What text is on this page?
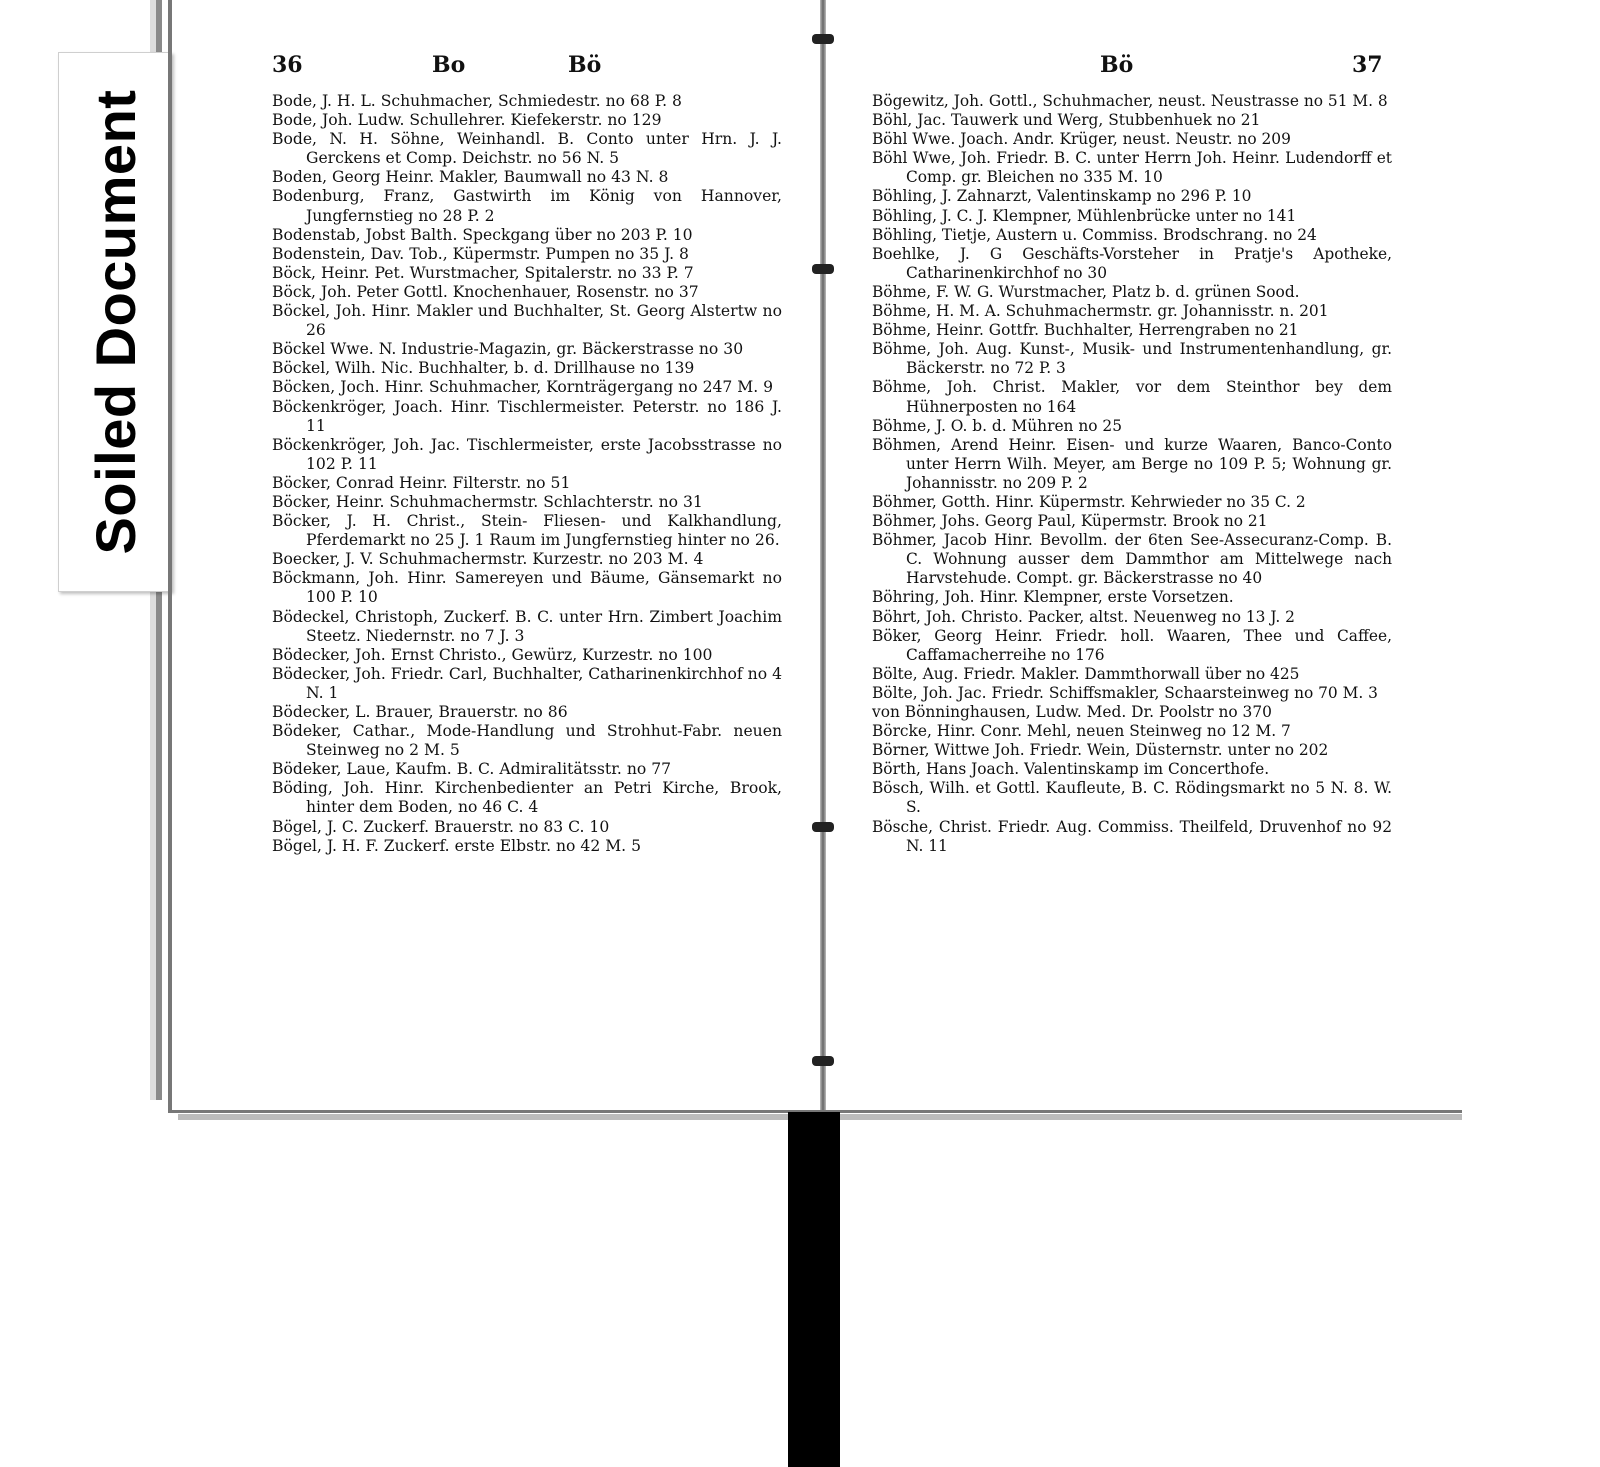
Soiled Document
36	Bo	Bö
Bode, J. H. L. Schuhmacher, Schmiedestr. no 68 P. 8
Bode, Joh. Ludw. Schullehrer. Kiefekerstr. no 129
Bode, N. H. Söhne, Weinhandl. B. Conto unter Hrn. J. J. Gerckens et Comp. Deichstr. no 56 N. 5
Boden, Georg Heinr. Makler, Baumwall no 43 N. 8
Bodenburg, Franz, Gastwirth im König von Hannover, Jungfernstieg no 28 P. 2
Bodenstab, Jobst Balth. Speckgang über no 203 P. 10
Bodenstein, Dav. Tob., Küpermstr. Pumpen no 35 J. 8
Böck, Heinr. Pet. Wurstmacher, Spitalerstr. no 33 P. 7
Böck, Joh. Peter Gottl. Knochenhauer, Rosenstr. no 37
Böckel, Joh. Hinr. Makler und Buchhalter, St. Georg Alstertw no 26
Böckel Wwe. N. Industrie-Magazin, gr. Bäckerstrasse no 30
Böckel, Wilh. Nic. Buchhalter, b. d. Drillhause no 139
Böcken, Joch. Hinr. Schuhmacher, Kornträgergang no 247 M. 9
Böckenkröger, Joach. Hinr. Tischlermeister. Peterstr. no 186 J. 11
Böckenkröger, Joh. Jac. Tischlermeister, erste Jacobsstrasse no 102 P. 11
Böcker, Conrad Heinr. Filterstr. no 51
Böcker, Heinr. Schuhmachermstr. Schlachterstr. no 31
Böcker, J. H. Christ., Stein- Fliesen- und Kalkhandlung, Pferdemarkt no 25 J. 1 Raum im Jungfernstieg hinter no 26.
Boecker, J. V. Schuhmachermstr. Kurzestr. no 203 M. 4
Böckmann, Joh. Hinr. Samereyen und Bäume, Gänsemarkt no 100 P. 10
Bödeckel, Christoph, Zuckerf. B. C. unter Hrn. Zimbert Joachim Steetz. Niedernstr. no 7 J. 3
Bödecker, Joh. Ernst Christo., Gewürz, Kurzestr. no 100
Bödecker, Joh. Friedr. Carl, Buchhalter, Catharinenkirchhof no 4 N. 1
Bödecker, L. Brauer, Brauerstr. no 86
Bödeker, Cathar., Mode-Handlung und Strohhut-Fabr. neuen Steinweg no 2 M. 5
Bödeker, Laue, Kaufm. B. C. Admiralitätsstr. no 77
Böding, Joh. Hinr. Kirchenbedienter an Petri Kirche, Brook, hinter dem Boden, no 46 C. 4
Bögel, J. C. Zuckerf. Brauerstr. no 83 C. 10
Bögel, J. H. F. Zuckerf. erste Elbstr. no 42 M. 5
Bö	37
Bögewitz, Joh. Gottl., Schuhmacher, neust. Neustrasse no 51 M. 8
Böhl, Jac. Tauwerk und Werg, Stubbenhuek no 21
Böhl Wwe. Joach. Andr. Krüger, neust. Neustr. no 209
Böhl Wwe, Joh. Friedr. B. C. unter Herrn Joh. Heinr. Ludendorff et Comp. gr. Bleichen no 335 M. 10
Böhling, J. Zahnarzt, Valentinskamp no 296 P. 10
Böhling, J. C. J. Klempner, Mühlenbrücke unter no 141
Böhling, Tietje, Austern u. Commiss. Brodschrang. no 24
Boehlke, J. G Geschäfts-Vorsteher in Pratje's Apotheke, Catharinenkirchhof no 30
Böhme, F. W. G. Wurstmacher, Platz b. d. grünen Sood.
Böhme, H. M. A. Schuhmachermstr. gr. Johannisstr. n. 201
Böhme, Heinr. Gottfr. Buchhalter, Herrengraben no 21
Böhme, Joh. Aug. Kunst-, Musik- und Instrumentenhandlung, gr. Bäckerstr. no 72 P. 3
Böhme, Joh. Christ. Makler, vor dem Steinthor bey dem Hühnerposten no 164
Böhme, J. O. b. d. Mühren no 25
Böhmen, Arend Heinr. Eisen- und kurze Waaren, Banco-Conto unter Herrn Wilh. Meyer, am Berge no 109 P. 5; Wohnung gr. Johannisstr. no 209 P. 2
Böhmer, Gotth. Hinr. Küpermstr. Kehrwieder no 35 C. 2
Böhmer, Johs. Georg Paul, Küpermstr. Brook no 21
Böhmer, Jacob Hinr. Bevollm. der 6ten See-Assecuranz-Comp. B. C. Wohnung ausser dem Dammthor am Mittelwege nach Harvstehude. Compt. gr. Bäckerstrasse no 40
Böhring, Joh. Hinr. Klempner, erste Vorsetzen.
Böhrt, Joh. Christo. Packer, altst. Neuenweg no 13 J. 2
Böker, Georg Heinr. Friedr. holl. Waaren, Thee und Caffee, Caffamacherreihe no 176
Bölte, Aug. Friedr. Makler. Dammthorwall über no 425
Bölte, Joh. Jac. Friedr. Schiffsmakler, Schaarsteinweg no 70 M. 3
von Bönninghausen, Ludw. Med. Dr. Poolstr no 370
Börcke, Hinr. Conr. Mehl, neuen Steinweg no 12 M. 7
Börner, Wittwe Joh. Friedr. Wein, Düsternstr. unter no 202
Börth, Hans Joach. Valentinskamp im Concerthofe.
Bösch, Wilh. et Gottl. Kaufleute, B. C. Rödingsmarkt no 5 N. 8. W. S.
Bösche, Christ. Friedr. Aug. Commiss. Theilfeld, Druvenhof no 92 N. 11
